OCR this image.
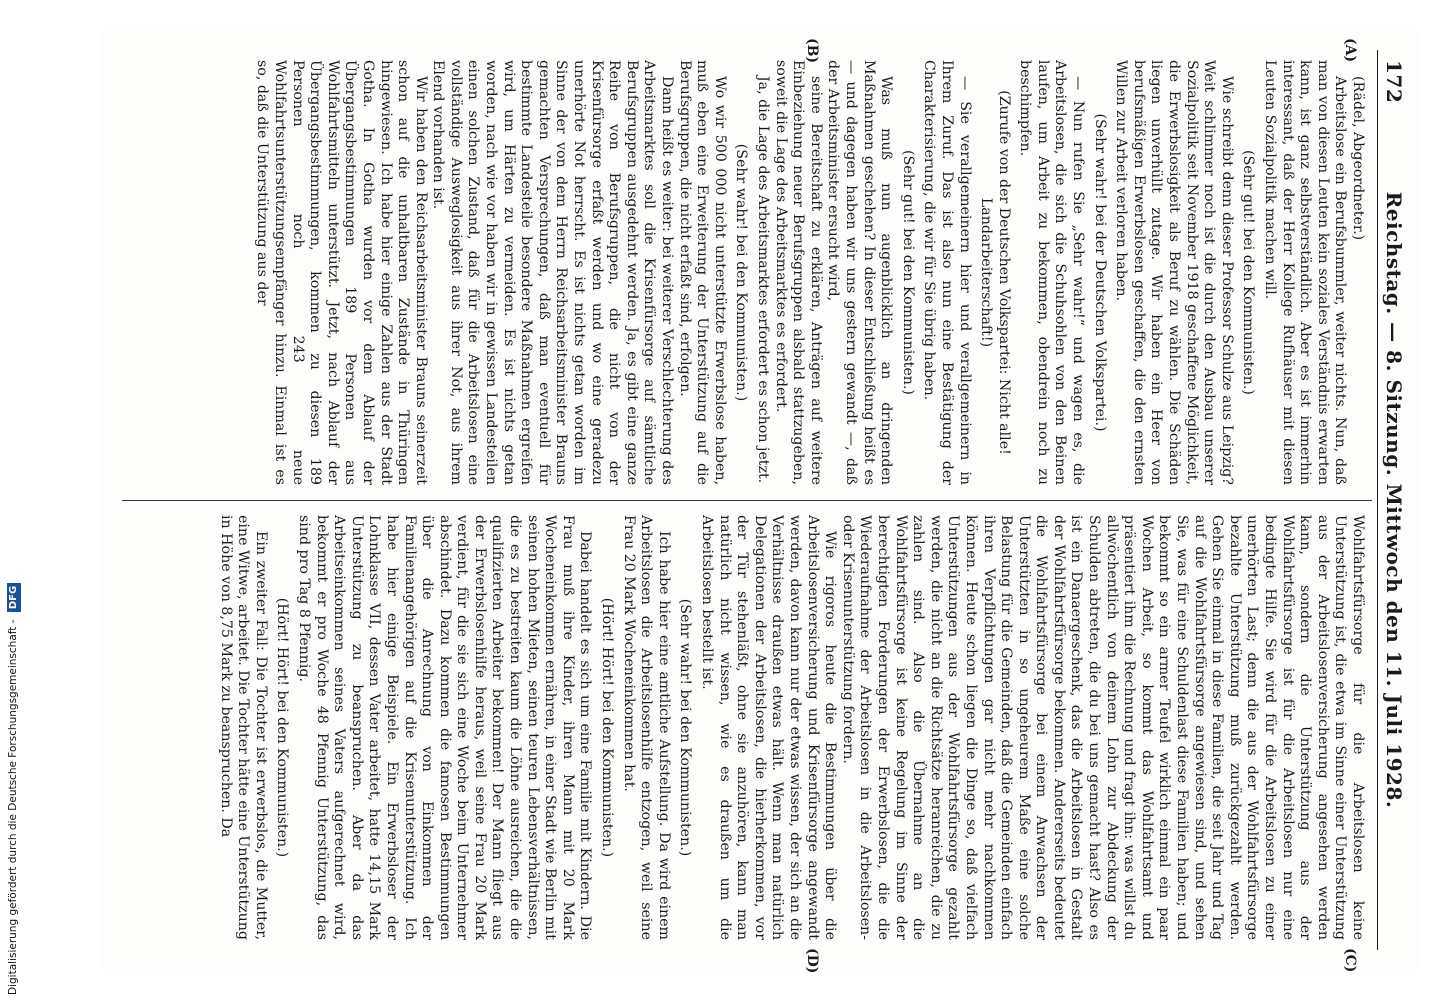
172
Reichstag. — 8. Sitzung. Mittwoch den 11. Juli 1928.
(A)
(B)
(C)
(D)

(Rädel, Abgeordneter.)

Arbeitslose ein Berufsbummler, weiter nichts. Nun, daß man von diesen Leuten kein soziales Verständnis erwarten kann, ist ganz selbstverständlich. Aber es ist immerhin interessant, daß der Herr Kollege Rufhäuser mit diesen Leuten Sozialpolitik machen will.

(Sehr gut! bei den Kommunisten.)

Wie schreibt denn dieser Professor Schulze aus Leipzig? Weit schlimmer noch ist die durch den Ausbau unserer Sozialpolitik seit November 1918 geschaffene Möglichkeit, die Erwerbslosigkeit als Beruf zu wählen. Die Schäden liegen unverhüllt zutage. Wir haben ein Heer von berufsmäßigen Erwerbslosen geschaffen, die den ernsten Willen zur Arbeit verloren haben.

(Sehr wahr! bei der Deutschen Volkspartei.)

— Nun rufen Sie „Sehr wahr!“ und wagen es, die Arbeitslosen, die sich die Schuhsohlen von den Beinen laufen, um Arbeit zu bekommen, obendrein noch zu beschimpfen.

(Zurufe von der Deutschen Volkspartei: Nicht alle! Landarbeiterschaft!)

— Sie verallgemeinern hier und verallgemeinern in Ihrem Zuruf. Das ist also nun eine Bestätigung der Charakterisierung, die wir für Sie übrig haben.

(Sehr gut! bei den Kommunisten.)

Was muß nun augenblicklich an dringenden Maßnahmen geschehen? In dieser Entschließung heißt es — und dagegen haben wir uns gestern gewandt —, daß der Arbeitsminister ersucht wird,

seine Bereitschaft zu erklären, Anträgen auf weitere Einbeziehung neuer Berufsgruppen alsbald stattzugeben, soweit die Lage des Arbeitsmarktes es erfordert.

Ja, die Lage des Arbeitsmarktes erfordert es schon jetzt.

(Sehr wahr! bei den Kommunisten.)

Wo wir 500 000 nicht unterstützte Erwerbslose haben, muß eben eine Erweiterung der Unterstützung auf die Berufsgruppen, die nicht erfaßt sind, erfolgen.

Dann heißt es weiter: bei weiterer Verschlechterung des Arbeitsmarktes soll die Krisenfürsorge auf sämtliche Berufsgruppen ausgedehnt werden. Ja, es gibt eine ganze Reihe von Berufsgruppen, die nicht von der Krisenfürsorge erfaßt werden und wo eine geradezu unerhörte Not herrscht. Es ist nichts getan worden im Sinne der von dem Herrn Reichsarbeitsminister Brauns gemachten Versprechungen, daß man eventuell für bestimmte Landesteile besondere Maßnahmen ergreifen wird, um Härten zu vermeiden. Es ist nichts getan worden, nach wie vor haben wir in gewissen Landesteilen einen solchen Zustand, daß für die Arbeitslosen eine vollständige Ausweglosigkeit aus ihrer Not, aus ihrem Elend vorhanden ist.

Wir haben den Reichsarbeitsminister Brauns seinerzeit schon auf die unhaltbaren Zustände in Thüringen hingewiesen. Ich habe hier einige Zahlen aus der Stadt Gotha. In Gotha wurden vor dem Ablauf der Übergangsbestimmungen 189 Personen aus Wohlfahrtsmitteln unterstützt. Jetzt, nach Ablauf der Übergangsbestimmungen, kommen zu diesen 189 Personen noch 243 neue Wohlfahrtsunterstützungsempfänger hinzu. Einmal ist es so, daß die Unterstützung aus der

Wohlfahrtsfürsorge für die Arbeitslosen keine Unterstützung ist, die etwa im Sinne einer Unterstützung aus der Arbeitslosenversicherung angesehen werden kann, sondern die Unterstützung aus der Wohlfahrtsfürsorge ist für die Arbeitslosen nur eine bedingte Hilfe. Sie wird für die Arbeitslosen zu einer unerhörten Last; denn die aus der Wohlfahrtsfürsorge bezahlte Unterstützung muß zurückgezahlt werden. Gehen Sie einmal in diese Familien, die seit Jahr und Tag auf die Wohlfahrtsfürsorge angewiesen sind, und sehen Sie, was für eine Schuldenlast diese Familien haben; und bekommt so ein armer Teufel wirklich einmal ein paar Wochen Arbeit, so kommt das Wohlfahrtsamt und präsentiert ihm die Rechnung und fragt ihn: was willst du allwöchentlich von deinem Lohn zur Abdeckung der Schulden abtreten, die du bei uns gemacht hast? Also es ist ein Danaergeschenk, das die Arbeitslosen in Gestalt der Wohlfahrtsfürsorge bekommen. Andererseits bedeutet die Wohlfahrtsfürsorge bei einem Anwachsen der Unterstützten in so ungeheurem Maße eine solche Belastung für die Gemeinden, daß die Gemeinden einfach ihren Verpflichtungen gar nicht mehr nachkommen können. Heute schon liegen die Dinge so, daß vielfach Unterstützungen aus der Wohlfahrtsfürsorge gezahlt werden, die nicht an die Richtsätze heranreichen, die zu zahlen sind. Also die Übernahme an die Wohlfahrtsfürsorge ist keine Regelung im Sinne der berechtigten Forderungen der Erwerbslosen, die die Wiederaufnahme der Arbeitslosen in die Arbeitslosen- oder Krisenunterstützung fordern.

Wie rigoros heute die Bestimmungen über die Arbeitslosenversicherung und Krisenfürsorge angewandt werden, davon kann nur der etwas wissen, der sich an die Verhältnisse draußen etwas hält. Wenn man natürlich Delegationen der Arbeitslosen, die hierherkommen, vor der Tür stehenläßt, ohne sie anzuhören, kann man natürlich nicht wissen, wie es draußen um die Arbeitslosen bestellt ist.

(Sehr wahr! bei den Kommunisten.)

Ich habe hier eine amtliche Aufstellung. Da wird einem Arbeitslosen die Arbeitslosenhilfe entzogen, weil seine Frau 20 Mark Wocheneinkommen hat.

(Hört! Hört! bei den Kommunisten.)

Dabei handelt es sich um eine Familie mit Kindern. Die Frau muß ihre Kinder, ihren Mann mit 20 Mark Wocheneinkommen ernähren, in einer Stadt wie Berlin mit seinen hohen Mieten, seinen teuren Lebensverhältnissen, die es zu bestreiten kaum die Löhne ausreichen, die die qualifizierten Arbeiter bekommen! Der Mann fliegt aus der Erwerbslosenhilfe heraus, weil seine Frau 20 Mark verdient, für die sie sich eine Woche beim Unternehmer abschindet. Dazu kommen die famosen Bestimmungen über die Anrechnung von Einkommen der Familienangehörigen auf die Krisenunterstützung. Ich habe hier einige Beispiele. Ein Erwerbsloser der Lohnklasse VII, dessen Vater arbeitet, hatte 14,15 Mark Unterstützung zu beanspruchen. Aber da das Arbeitseinkommen seines Vaters aufgerechnet wird, bekommt er pro Woche 48 Pfennig Unterstützung, das sind pro Tag 8 Pfennig.

(Hört! Hört! bei den Kommunisten.)

Ein zweiter Fall: Die Tochter ist erwerbslos, die Mutter, eine Witwe, arbeitet. Die Tochter hätte eine Unterstützung in Höhe von 8,75 Mark zu beanspruchen. Da

Digitalisierung gefördert durch die Deutsche Forschungsgemeinschaft - DFG
